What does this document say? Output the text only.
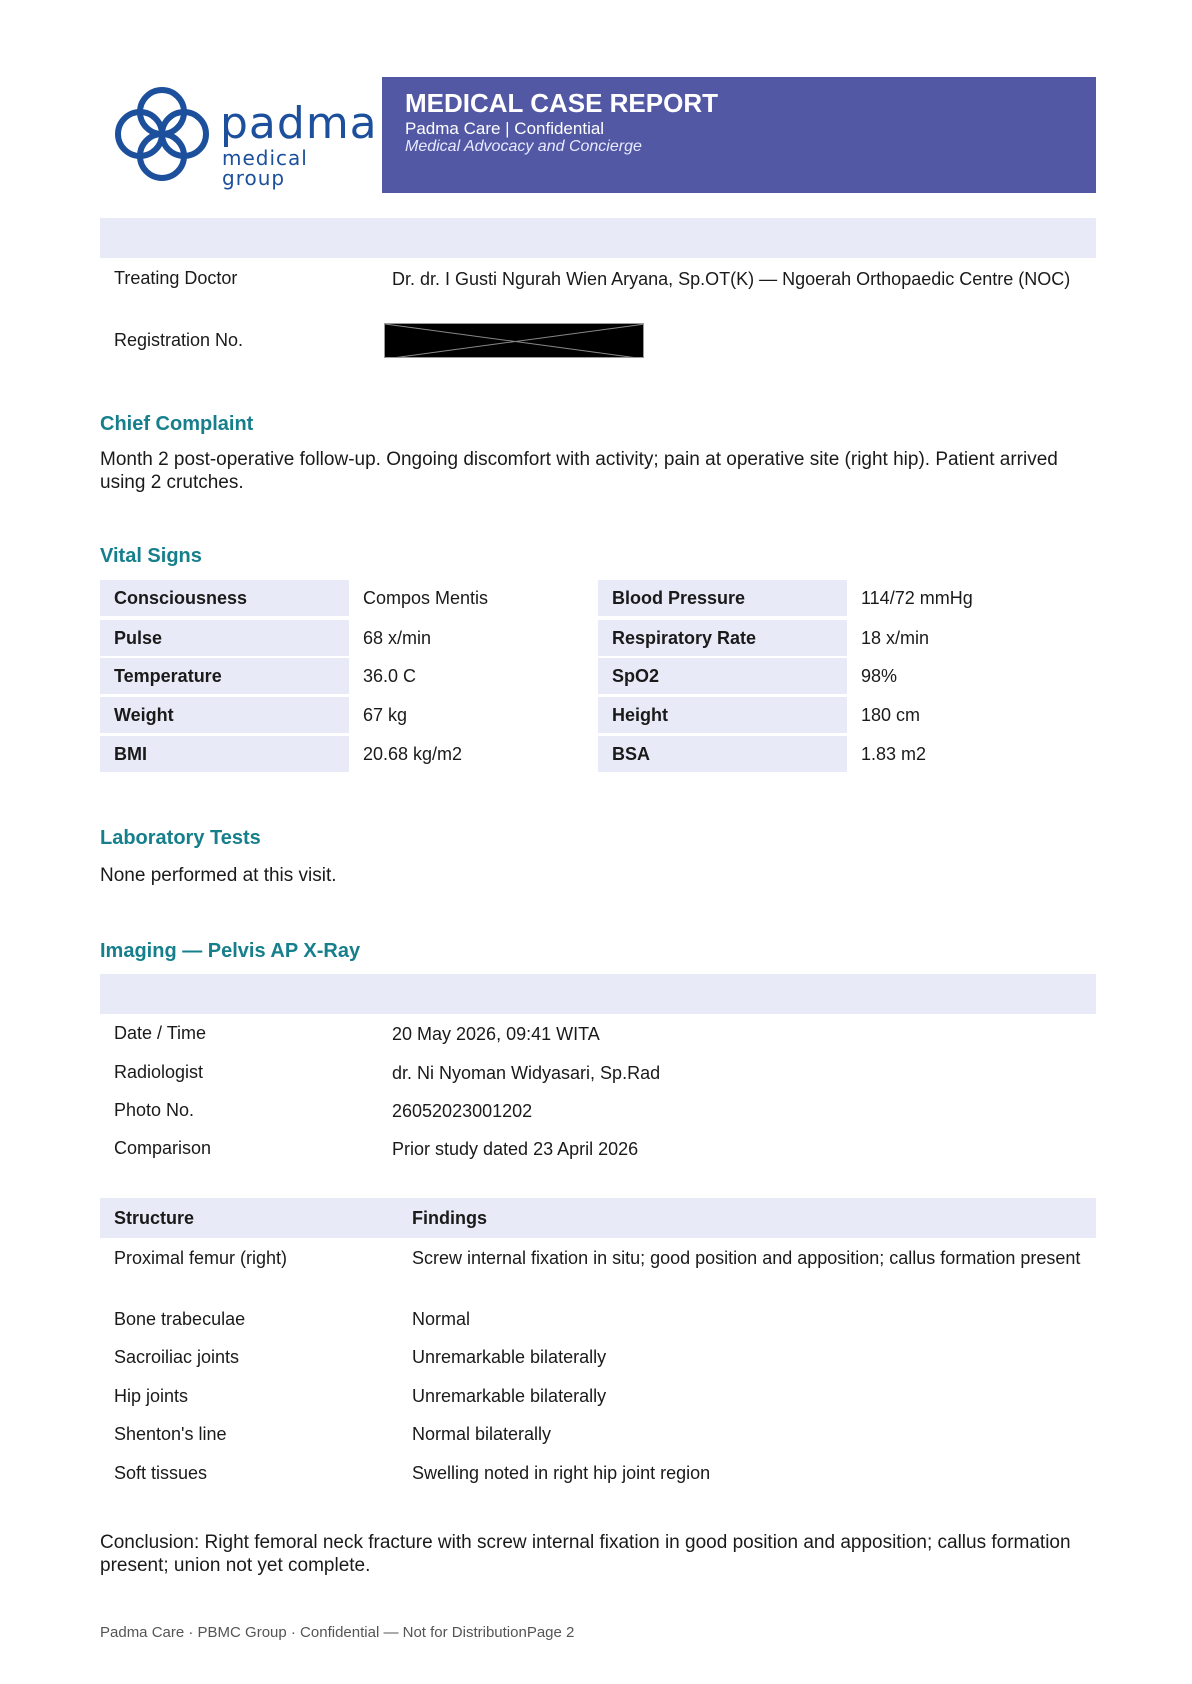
padma
medical group
MEDICAL CASE REPORT
Padma Care | Confidential
Medical Advocacy and Concierge
Treating Doctor	Dr. dr. I Gusti Ngurah Wien Aryana, Sp.OT(K) — Ngoerah Orthopaedic Centre (NOC)
Registration No.
Chief Complaint
Month 2 post-operative follow-up. Ongoing discomfort with activity; pain at operative site (right hip). Patient arrived using 2 crutches.
Vital Signs
Consciousness	Compos Mentis	Blood Pressure	114/72 mmHg
Pulse	68 x/min	Respiratory Rate	18 x/min
Temperature	36.0 C	SpO2	98%
Weight	67 kg	Height	180 cm
BMI	20.68 kg/m2	BSA	1.83 m2
Laboratory Tests
None performed at this visit.
Imaging — Pelvis AP X-Ray
Date / Time	20 May 2026, 09:41 WITA
Radiologist	dr. Ni Nyoman Widyasari, Sp.Rad
Photo No.	26052023001202
Comparison	Prior study dated 23 April 2026
Structure	Findings
Proximal femur (right)	Screw internal fixation in situ; good position and apposition; callus formation present
Bone trabeculae	Normal
Sacroiliac joints	Unremarkable bilaterally
Hip joints	Unremarkable bilaterally
Shenton's line	Normal bilaterally
Soft tissues	Swelling noted in right hip joint region
Conclusion: Right femoral neck fracture with screw internal fixation in good position and apposition; callus formation present; union not yet complete.
Padma Care · PBMC Group · Confidential — Not for DistributionPage 2
